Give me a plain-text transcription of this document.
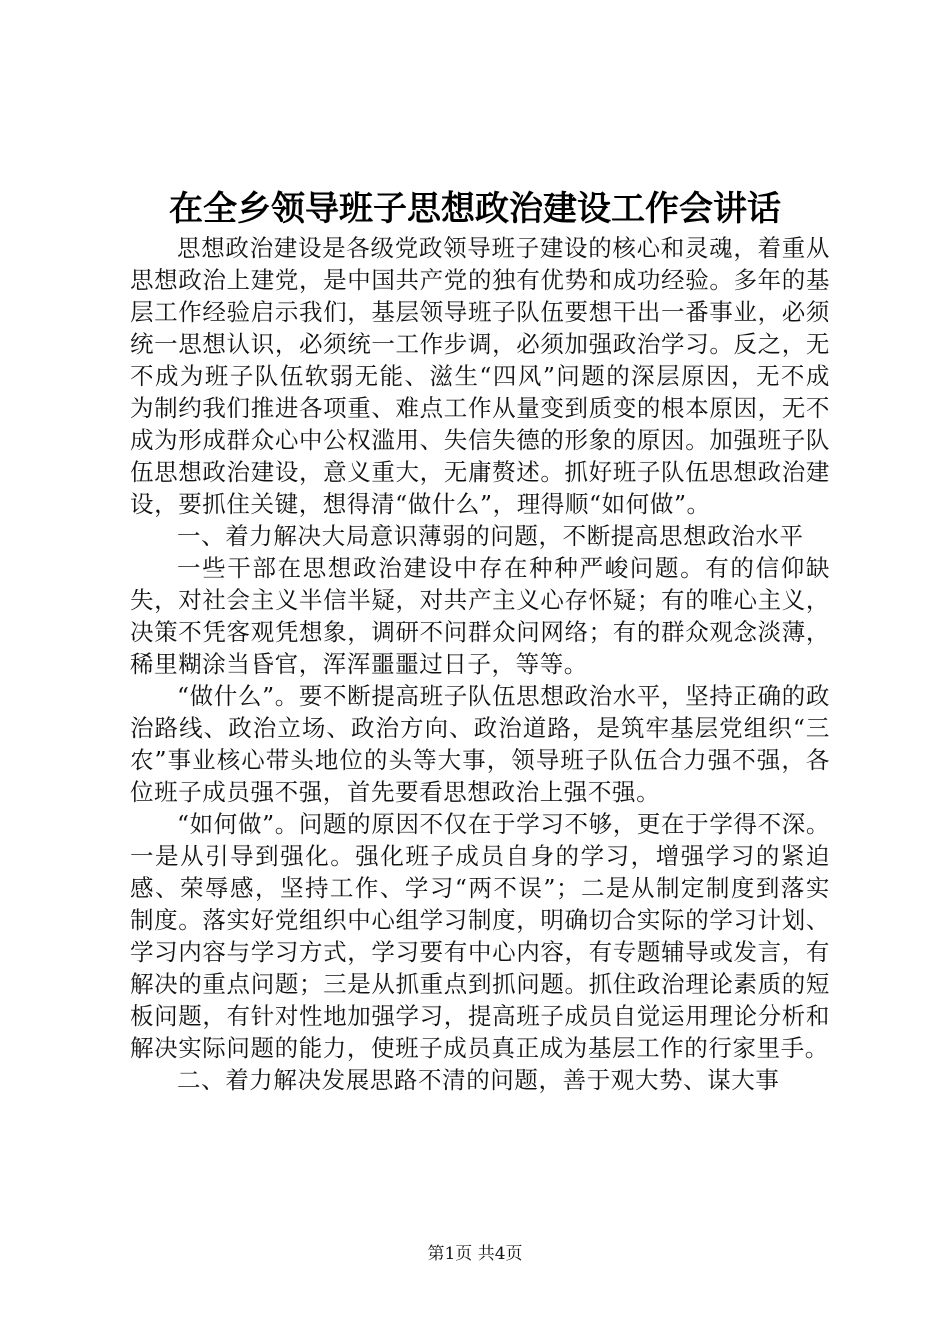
在全乡领导班子思想政治建设工作会讲话

思想政治建设是各级党政领导班子建设的核心和灵魂，着重从思想政治上建党，是中国共产党的独有优势和成功经验。多年的基层工作经验启示我们，基层领导班子队伍要想干出一番事业，必须统一思想认识，必须统一工作步调，必须加强政治学习。反之，无不成为班子队伍软弱无能、滋生“四风”问题的深层原因，无不成为制约我们推进各项重、难点工作从量变到质变的根本原因，无不成为形成群众心中公权滥用、失信失德的形象的原因。加强班子队伍思想政治建设，意义重大，无庸赘述。抓好班子队伍思想政治建设，要抓住关键，想得清“做什么”，理得顺“如何做”。

一、着力解决大局意识薄弱的问题，不断提高思想政治水平

一些干部在思想政治建设中存在种种严峻问题。有的信仰缺失，对社会主义半信半疑，对共产主义心存怀疑；有的唯心主义，决策不凭客观凭想象，调研不问群众问网络；有的群众观念淡薄，稀里糊涂当昏官，浑浑噩噩过日子，等等。

“做什么”。要不断提高班子队伍思想政治水平，坚持正确的政治路线、政治立场、政治方向、政治道路，是筑牢基层党组织“三农”事业核心带头地位的头等大事，领导班子队伍合力强不强，各位班子成员强不强，首先要看思想政治上强不强。

“如何做”。问题的原因不仅在于学习不够，更在于学得不深。一是从引导到强化。强化班子成员自身的学习，增强学习的紧迫感、荣辱感，坚持工作、学习“两不误”；二是从制定制度到落实制度。落实好党组织中心组学习制度，明确切合实际的学习计划、学习内容与学习方式，学习要有中心内容，有专题辅导或发言，有解决的重点问题；三是从抓重点到抓问题。抓住政治理论素质的短板问题，有针对性地加强学习，提高班子成员自觉运用理论分析和解决实际问题的能力，使班子成员真正成为基层工作的行家里手。

二、着力解决发展思路不清的问题，善于观大势、谋大事

第1页 共4页
